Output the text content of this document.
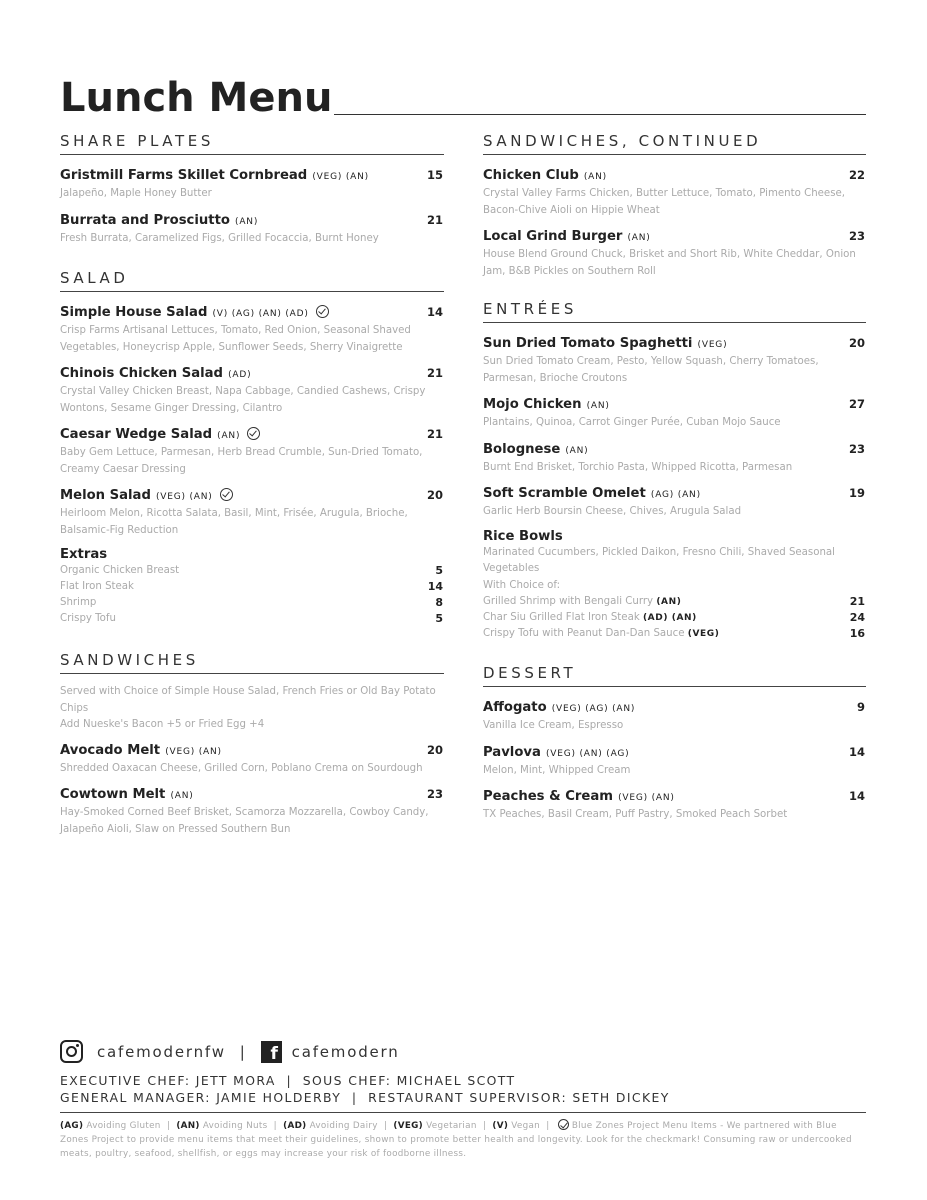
Lunch Menu
SHARE PLATES
Gristmill Farms Skillet Cornbread (VEG) (AN)	15
Jalapeño, Maple Honey Butter
Burrata and Prosciutto (AN)	21
Fresh Burrata, Caramelized Figs, Grilled Focaccia, Burnt Honey
SALAD
Simple House Salad (V) (AG) (AN) (AD)	14
Crisp Farms Artisanal Lettuces, Tomato, Red Onion, Seasonal Shaved Vegetables, Honeycrisp Apple, Sunflower Seeds, Sherry Vinaigrette
Chinois Chicken Salad (AD)	21
Crystal Valley Chicken Breast, Napa Cabbage, Candied Cashews, Crispy Wontons, Sesame Ginger Dressing, Cilantro
Caesar Wedge Salad (AN)	21
Baby Gem Lettuce, Parmesan, Herb Bread Crumble, Sun-Dried Tomato, Creamy Caesar Dressing
Melon Salad (VEG) (AN)	20
Heirloom Melon, Ricotta Salata, Basil, Mint, Frisée, Arugula, Brioche, Balsamic-Fig Reduction
Extras
Organic Chicken Breast	5
Flat Iron Steak	14
Shrimp	8
Crispy Tofu	5
SANDWICHES
Served with Choice of Simple House Salad, French Fries or Old Bay Potato Chips
Add Nueske's Bacon +5 or Fried Egg +4
Avocado Melt (VEG) (AN)	20
Shredded Oaxacan Cheese, Grilled Corn, Poblano Crema on Sourdough
Cowtown Melt (AN)	23
Hay-Smoked Corned Beef Brisket, Scamorza Mozzarella, Cowboy Candy, Jalapeño Aioli, Slaw on Pressed Southern Bun
SANDWICHES, CONTINUED
Chicken Club (AN)	22
Crystal Valley Farms Chicken, Butter Lettuce, Tomato, Pimento Cheese, Bacon-Chive Aioli on Hippie Wheat
Local Grind Burger (AN)	23
House Blend Ground Chuck, Brisket and Short Rib, White Cheddar, Onion Jam, B&B Pickles on Southern Roll
ENTRÉES
Sun Dried Tomato Spaghetti (VEG)	20
Sun Dried Tomato Cream, Pesto, Yellow Squash, Cherry Tomatoes, Parmesan, Brioche Croutons
Mojo Chicken (AN)	27
Plantains, Quinoa, Carrot Ginger Purée, Cuban Mojo Sauce
Bolognese (AN)	23
Burnt End Brisket, Torchio Pasta, Whipped Ricotta, Parmesan
Soft Scramble Omelet (AG) (AN)	19
Garlic Herb Boursin Cheese, Chives, Arugula Salad
Rice Bowls
Marinated Cucumbers, Pickled Daikon, Fresno Chili, Shaved Seasonal Vegetables
With Choice of:
Grilled Shrimp with Bengali Curry (AN)	21
Char Siu Grilled Flat Iron Steak (AD) (AN)	24
Crispy Tofu with Peanut Dan-Dan Sauce (VEG)	16
DESSERT
Affogato (VEG) (AG) (AN)	9
Vanilla Ice Cream, Espresso
Pavlova (VEG) (AN) (AG)	14
Melon, Mint, Whipped Cream
Peaches & Cream (VEG) (AN)	14
TX Peaches, Basil Cream, Puff Pastry, Smoked Peach Sorbet
cafemodernfw |	f cafemodern
EXECUTIVE CHEF: JETT MORA  |  SOUS CHEF: MICHAEL SCOTT
GENERAL MANAGER: JAMIE HOLDERBY  |  RESTAURANT SUPERVISOR: SETH DICKEY
(AG) Avoiding Gluten  |  (AN) Avoiding Nuts  |  (AD) Avoiding Dairy  |  (VEG) Vegetarian  |  (V) Vegan  |   Blue Zones Project Menu Items - We partnered with Blue Zones Project to provide menu items that meet their guidelines, shown to promote better health and longevity. Look for the checkmark! Consuming raw or undercooked meats, poultry, seafood, shellfish, or eggs may increase your risk of foodborne illness.
